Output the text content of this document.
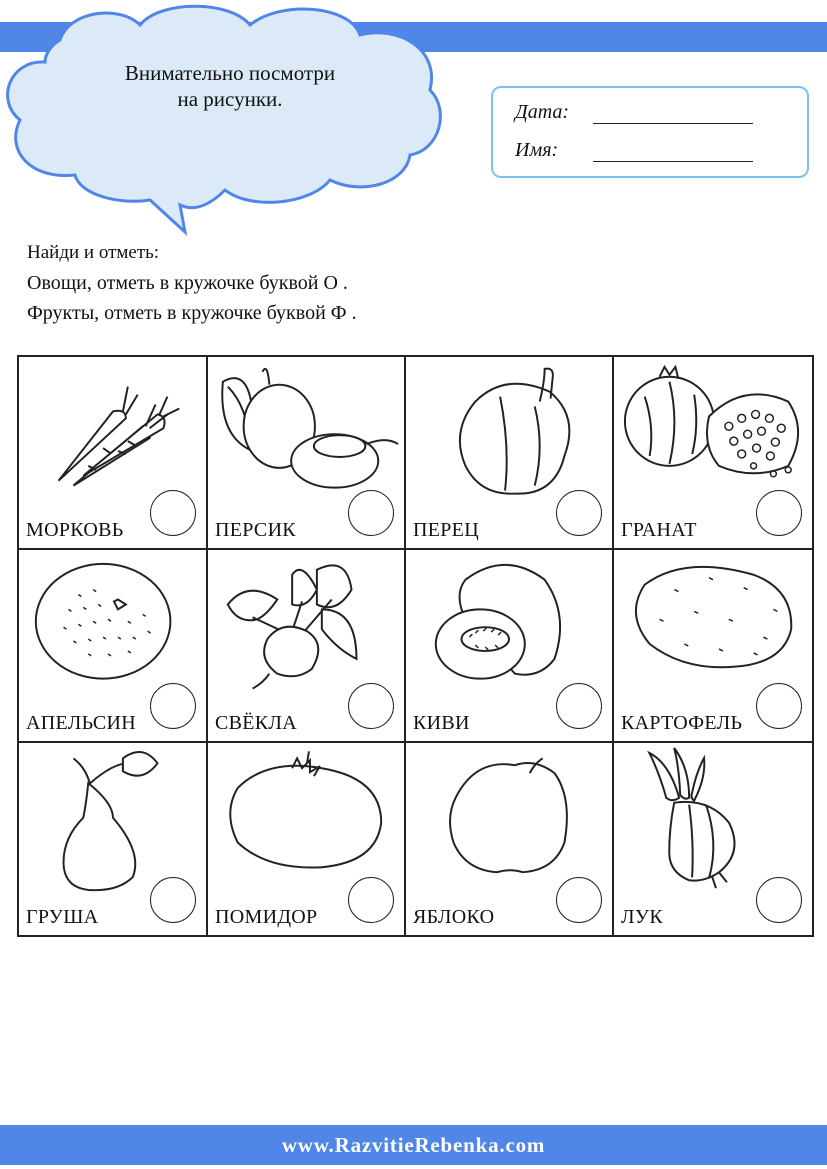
Внимательно посмотри
на рисунки.
Дата:
Имя:
Найди и отметь:
Овощи, отметь в кружочке буквой О .
Фрукты, отметь в кружочке буквой Ф .
МОРКОВЬ	ПЕРСИК	ПЕРЕЦ	ГРАНАТ
АПЕЛЬСИН	СВЁКЛА	КИВИ	КАРТОФЕЛЬ
ГРУША	ПОМИДОР	ЯБЛОКО	ЛУК
www.RazvitieRebenka.com
